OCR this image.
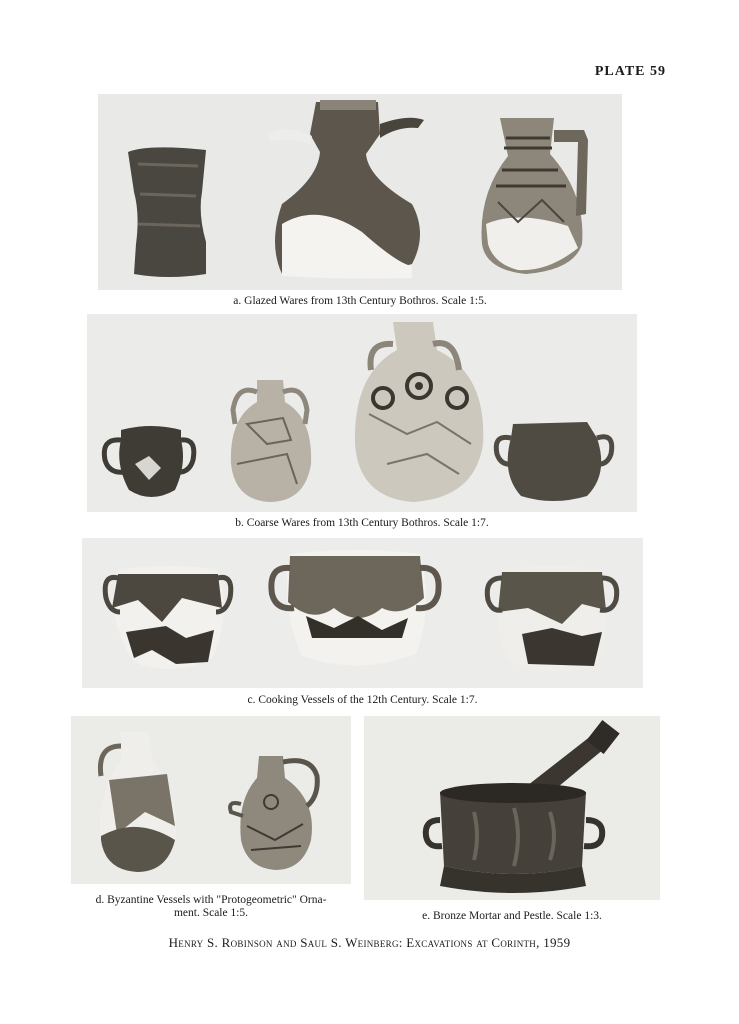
PLATE 59
a. Glazed Wares from 13th Century Bothros. Scale 1:5.
b. Coarse Wares from 13th Century Bothros. Scale 1:7.
c. Cooking Vessels of the 12th Century. Scale 1:7.
d. Byzantine Vessels with "Protogeometric" Orna-
ment. Scale 1:5.	e. Bronze Mortar and Pestle. Scale 1:3.
Henry S. Robinson and Saul S. Weinberg: Excavations at Corinth, 1959
